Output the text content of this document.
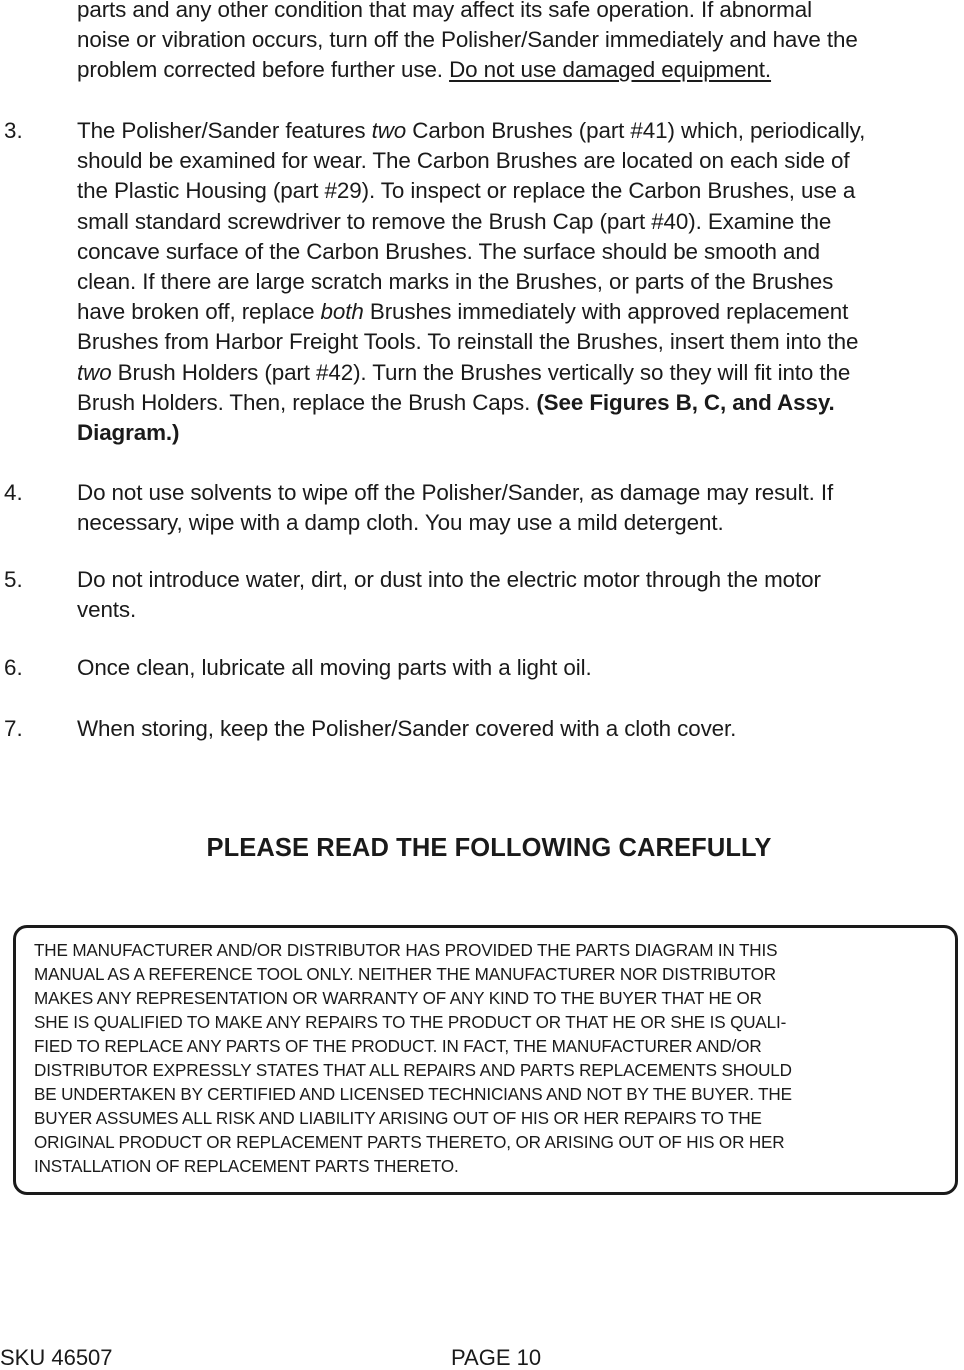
parts and any other condition that may affect its safe operation. If abnormal
noise or vibration occurs, turn off the Polisher/Sander immediately and have the
problem corrected before further use. Do not use damaged equipment.
3. The Polisher/Sander features two Carbon Brushes (part #41) which, periodically,
should be examined for wear. The Carbon Brushes are located on each side of
the Plastic Housing (part #29). To inspect or replace the Carbon Brushes, use a
small standard screwdriver to remove the Brush Cap (part #40). Examine the
concave surface of the Carbon Brushes. The surface should be smooth and
clean. If there are large scratch marks in the Brushes, or parts of the Brushes
have broken off, replace both Brushes immediately with approved replacement
Brushes from Harbor Freight Tools. To reinstall the Brushes, insert them into the
two Brush Holders (part #42). Turn the Brushes vertically so they will fit into the
Brush Holders. Then, replace the Brush Caps. (See Figures B, C, and Assy.
Diagram.)
4. Do not use solvents to wipe off the Polisher/Sander, as damage may result. If
necessary, wipe with a damp cloth. You may use a mild detergent.
5. Do not introduce water, dirt, or dust into the electric motor through the motor
vents.
6. Once clean, lubricate all moving parts with a light oil.
7. When storing, keep the Polisher/Sander covered with a cloth cover.
PLEASE READ THE FOLLOWING CAREFULLY
THE MANUFACTURER AND/OR DISTRIBUTOR HAS PROVIDED THE PARTS DIAGRAM IN THIS
MANUAL AS A REFERENCE TOOL ONLY. NEITHER THE MANUFACTURER NOR DISTRIBUTOR
MAKES ANY REPRESENTATION OR WARRANTY OF ANY KIND TO THE BUYER THAT HE OR
SHE IS QUALIFIED TO MAKE ANY REPAIRS TO THE PRODUCT OR THAT HE OR SHE IS QUALI-
FIED TO REPLACE ANY PARTS OF THE PRODUCT. IN FACT, THE MANUFACTURER AND/OR
DISTRIBUTOR EXPRESSLY STATES THAT ALL REPAIRS AND PARTS REPLACEMENTS SHOULD
BE UNDERTAKEN BY CERTIFIED AND LICENSED TECHNICIANS AND NOT BY THE BUYER. THE
BUYER ASSUMES ALL RISK AND LIABILITY ARISING OUT OF HIS OR HER REPAIRS TO THE
ORIGINAL PRODUCT OR REPLACEMENT PARTS THERETO, OR ARISING OUT OF HIS OR HER
INSTALLATION OF REPLACEMENT PARTS THERETO.
SKU 46507	PAGE 10
